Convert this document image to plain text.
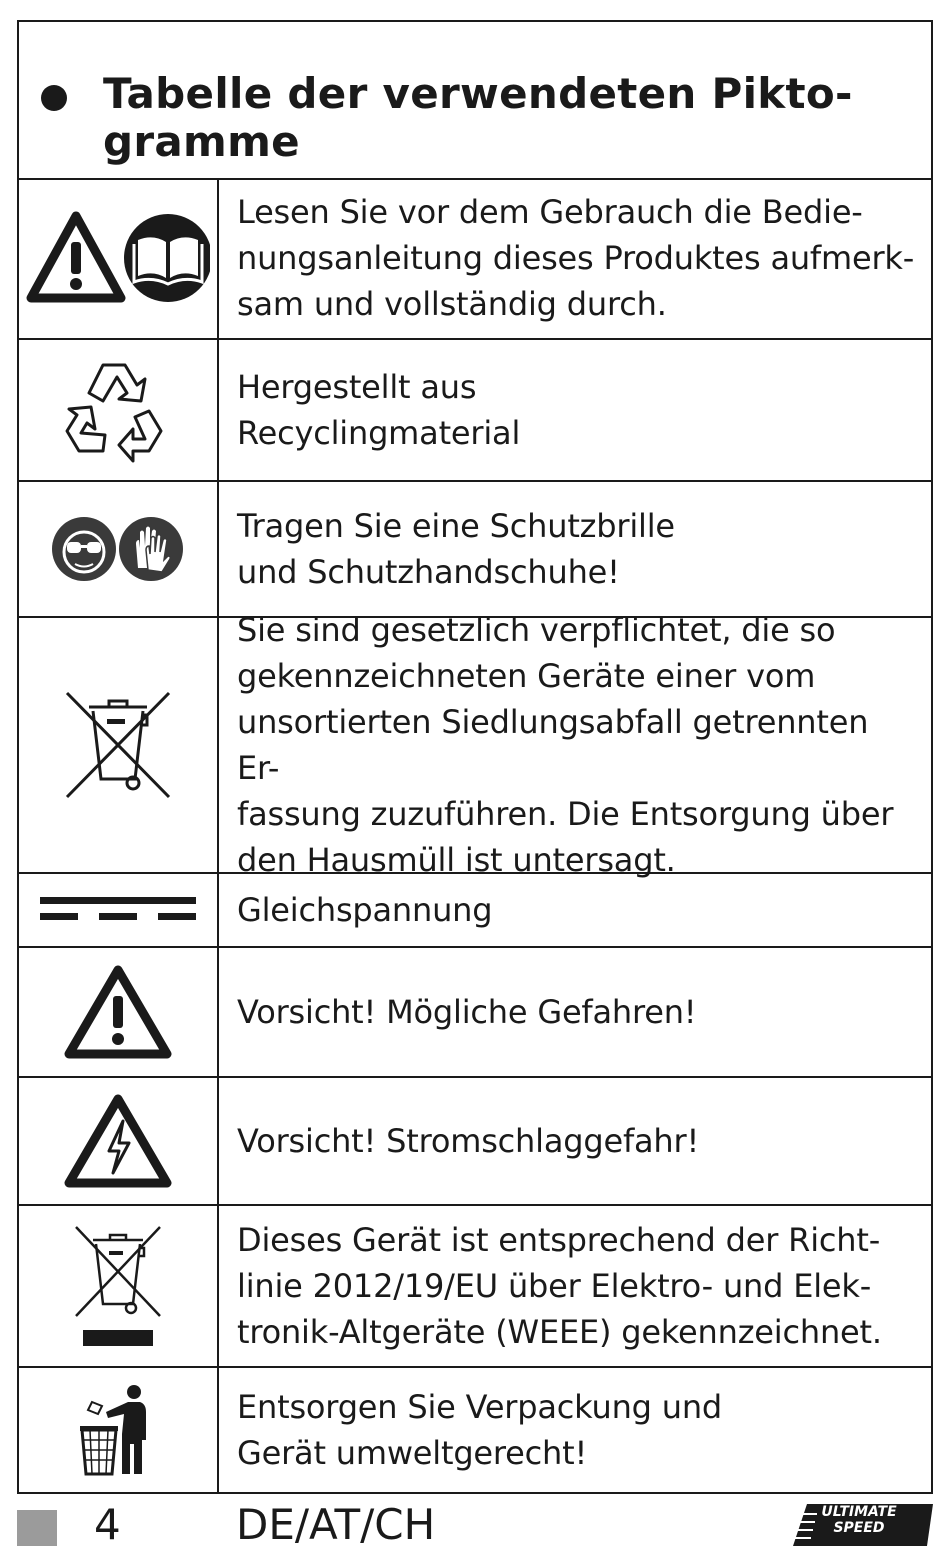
Tabelle der verwendeten Pikto-
gramme
Lesen Sie vor dem Gebrauch die Bedie-
nungsanleitung dieses Produktes aufmerk-
sam und vollständig durch.
Hergestellt aus
Recyclingmaterial
Tragen Sie eine Schutzbrille
und Schutzhandschuhe!
Sie sind gesetzlich verpflichtet, die so
gekennzeichneten Geräte einer vom
unsortierten Siedlungsabfall getrennten Er-
fassung zuzuführen. Die Entsorgung über
den Hausmüll ist untersagt.
Gleichspannung
Vorsicht! Mögliche Gefahren!
Vorsicht! Stromschlaggefahr!
Dieses Gerät ist entsprechend der Richt-
linie 2012/19/EU über Elektro- und Elek-
tronik-Altgeräte (WEEE) gekennzeichnet.
Entsorgen Sie Verpackung und
Gerät umweltgerecht!
4	DE/AT/CH	ULTIMATE
SPEED
